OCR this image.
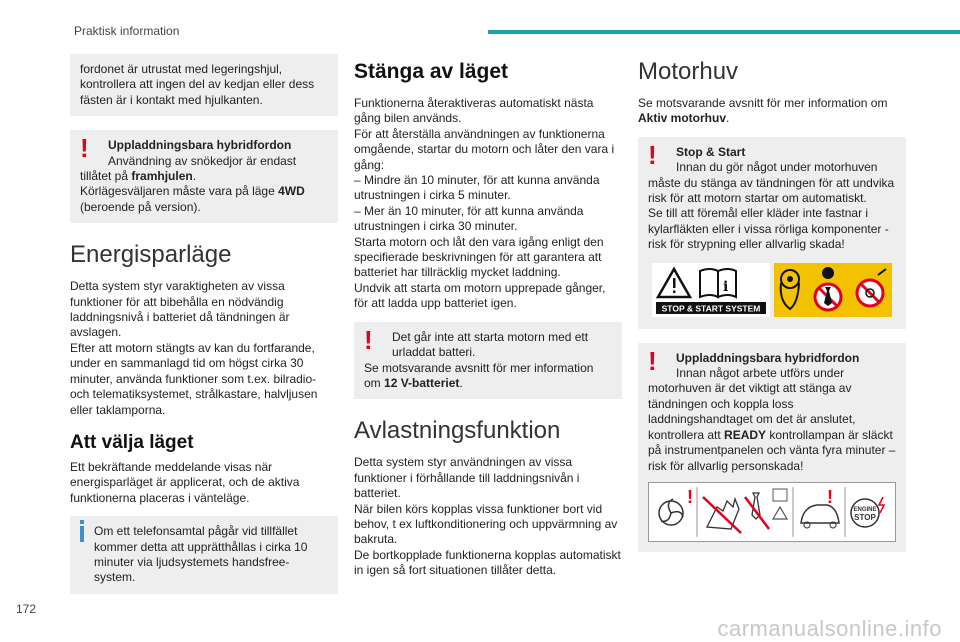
Praktisk information

fordonet är utrustat med legeringshjul, kontrollera att ingen del av kedjan eller dess fästen är i kontakt med hjulkanten.

!	Uppladdningsbara hybridfordon

Användning av snökedjor är endast

tillåtet på framhjulen.

Körlägesväljaren måste vara på läge 4WD

(beroende på version).

Energisparläge

Detta system styr varaktigheten av vissa funktioner för att bibehålla en nödvändig laddningsnivå i batteriet då tändningen är avslagen.

Efter att motorn stängts av kan du fortfarande, under en sammanlagd tid om högst cirka 30 minuter, använda funktioner som t.ex. bilradio- och telematiksystemet, strålkastare, halvljusen eller taklamporna.

Att välja läget

Ett bekräftande meddelande visas när energisparläget är applicerat, och de aktiva funktionerna placeras i vänteläge.

Om ett telefonsamtal pågår vid tillfället kommer detta att upprätthållas i cirka 10 minuter via ljudsystemets handsfree-system.

Stänga av läget

Funktionerna återaktiveras automatiskt nästa gång bilen används.

För att återställa användningen av funktionerna omgående, startar du motorn och låter den vara i gång:

– Mindre än 10 minuter, för att kunna använda utrustningen i cirka 5 minuter.

– Mer än 10 minuter, för att kunna använda utrustningen i cirka 30 minuter.

Starta motorn och låt den vara igång enligt den specifierade beskrivningen för att garantera att batteriet har tillräcklig mycket laddning.

Undvik att starta om motorn upprepade gånger, för att ladda upp batteriet igen.

!	Det går inte att starta motorn med ett

urladdat batteri.

Se motsvarande avsnitt för mer information

om 12 V-batteriet.

Avlastningsfunktion

Detta system styr användningen av vissa funktioner i förhållande till laddningsnivån i batteriet.

När bilen körs kopplas vissa funktioner bort vid behov, t ex luftkonditionering och uppvärmning av bakruta.

De bortkopplade funktionerna kopplas automatiskt in igen så fort situationen tillåter detta.

Motorhuv

Se motsvarande avsnitt för mer information om Aktiv motorhuv.

!	Stop & Start

Innan du gör något under motorhuven

måste du stänga av tändningen för att undvika risk för att motorn startar om automatiskt.

Se till att föremål eller kläder inte fastnar i kylarfläkten eller i vissa rörliga komponenter - risk för strypning eller allvarlig skada!

i
STOP & START SYSTEM
!	Uppladdningsbara hybridfordon

Innan något arbete utförs under

motorhuven är det viktigt att stänga av tändningen och koppla loss laddningshandtaget om det är anslutet, kontrollera att READY kontrollampan är släckt på instrumentpanelen och vänta fyra minuter – risk för allvarlig personskada!

!	!
ENGINE
STOP
172
carmanualsonline.info
